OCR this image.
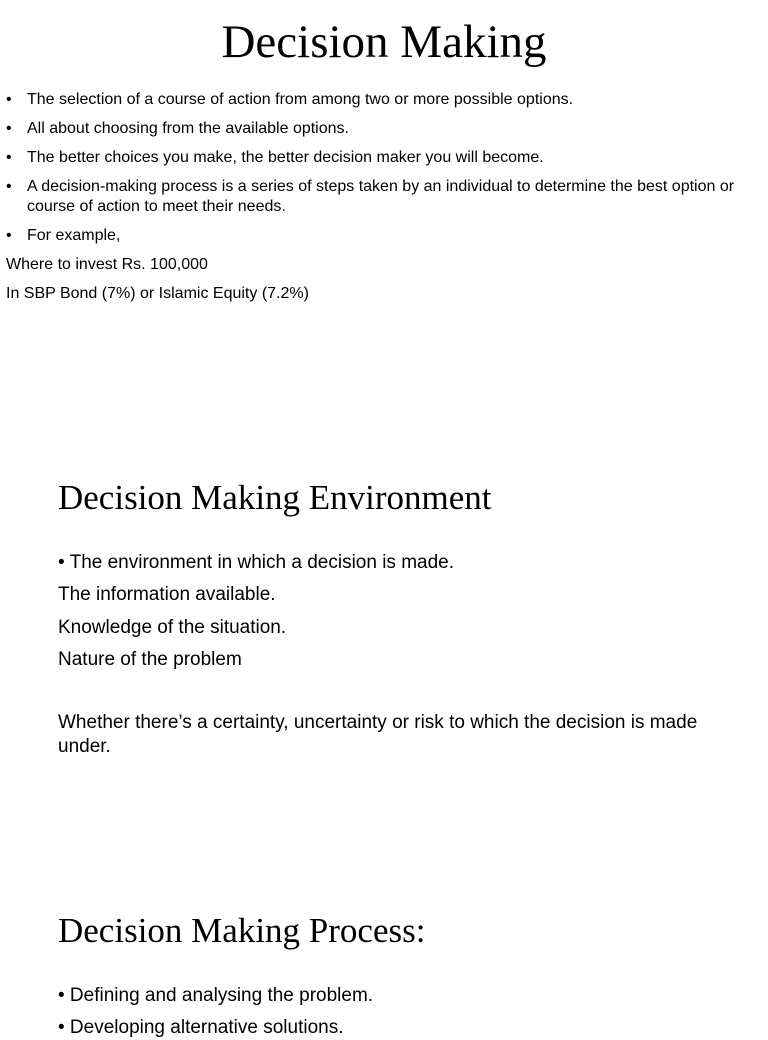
Decision Making
• The selection of a course of action from among two or more possible options.
• All about choosing from the available options.
• The better choices you make, the better decision maker you will become.
• A decision-making process is a series of steps taken by an individual to determine the best option or course of action to meet their needs.
• For example,

Where to invest Rs. 100,000

In SBP Bond (7%) or Islamic Equity (7.2%)

Decision Making Environment

• The environment in which a decision is made.

The information available.

Knowledge of the situation.

Nature of the problem

Whether there’s a certainty, uncertainty or risk to which the decision is made under.

Decision Making Process:

• Defining and analysing the problem.

• Developing alternative solutions.
